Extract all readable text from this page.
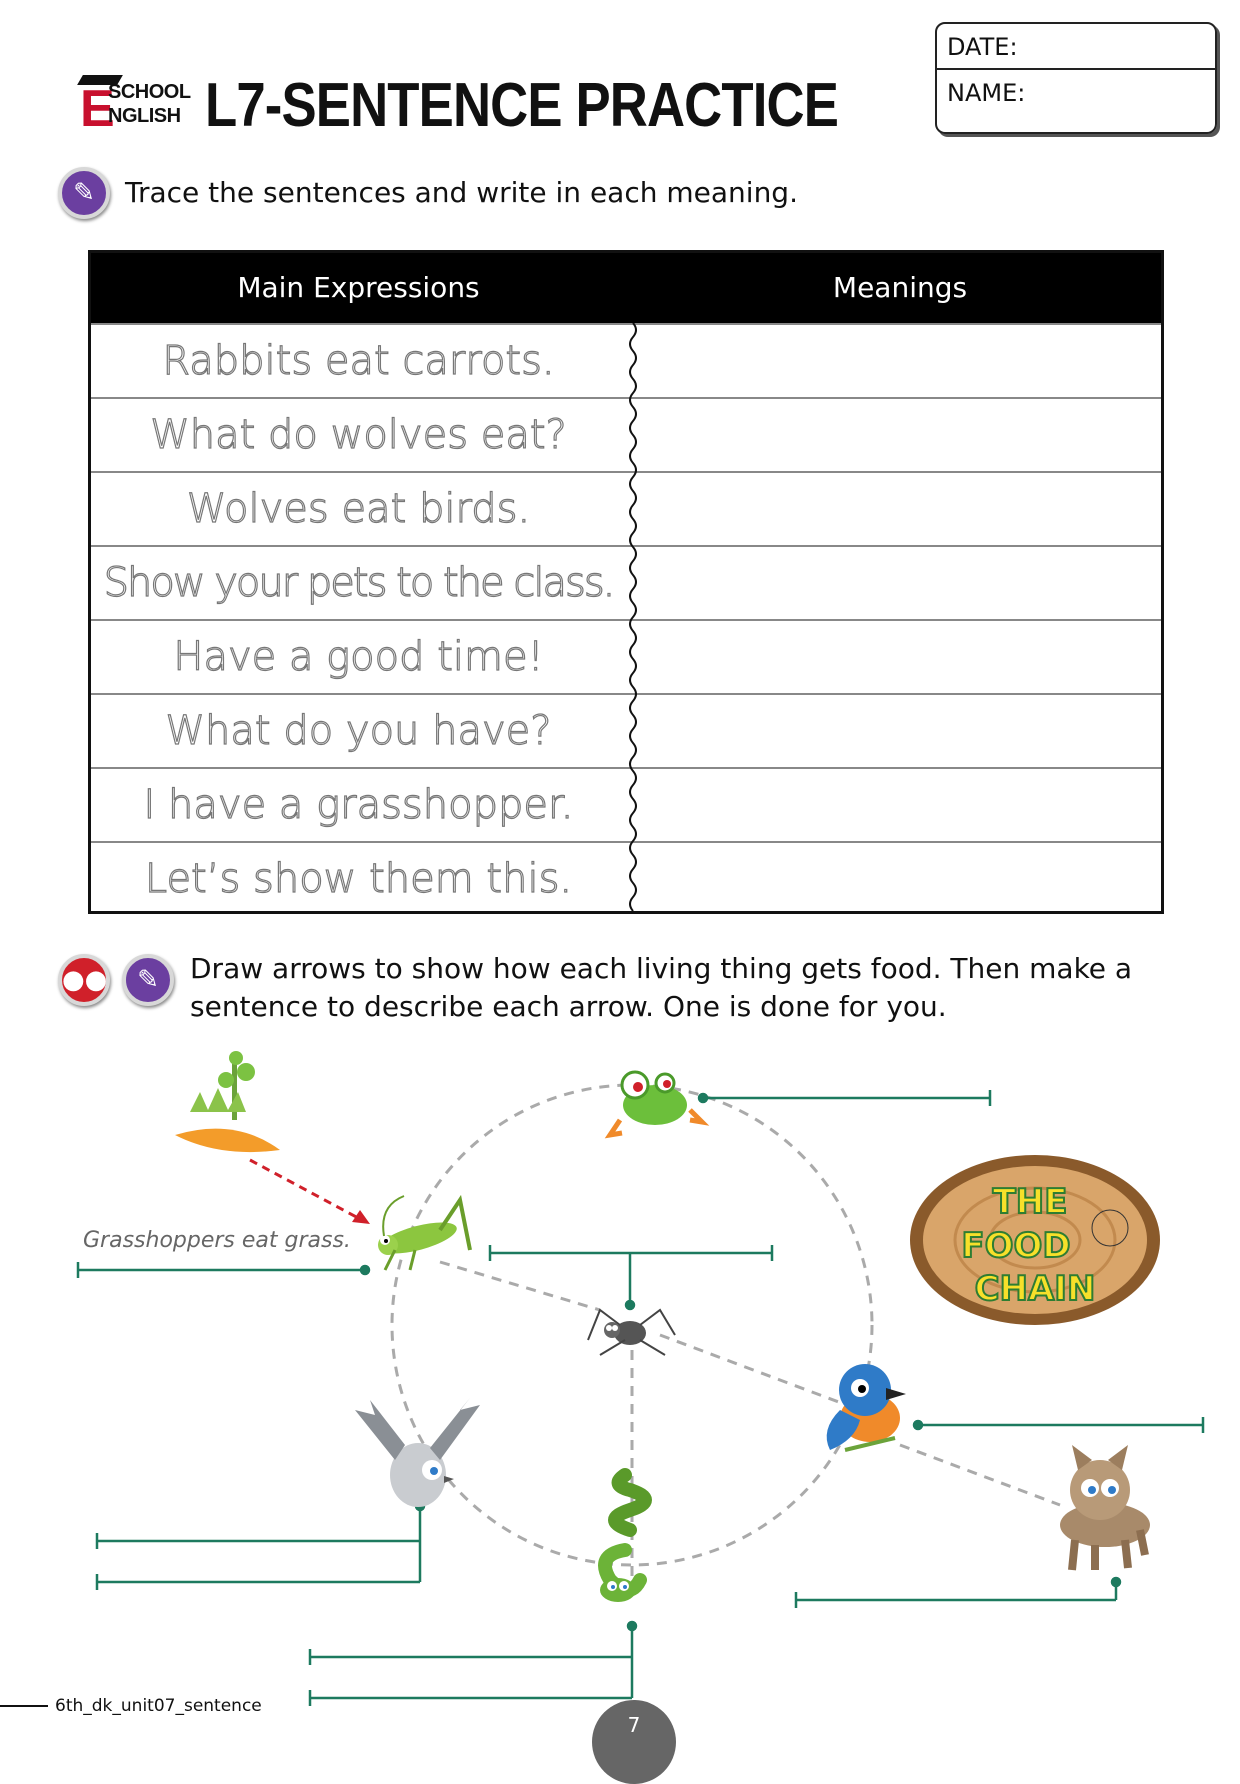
E
SCHOOL
NGLISH L7-SENTENCE PRACTICE
DATE:
NAME:
✎	Trace the sentences and write in each meaning.
Main Expressions	Meanings
Rabbits eat carrots.
What do wolves eat?
Wolves eat birds.
Show your pets to the class.
Have a good time!
What do you have?
I have a grasshopper.
Let’s show them this.
●●	✎	Draw arrows to show how each living thing gets food. Then make a
sentence to describe each arrow. One is done for you.
THE
FOOD
CHAIN
Grasshoppers eat grass.
6th_dk_unit07_sentence
7
